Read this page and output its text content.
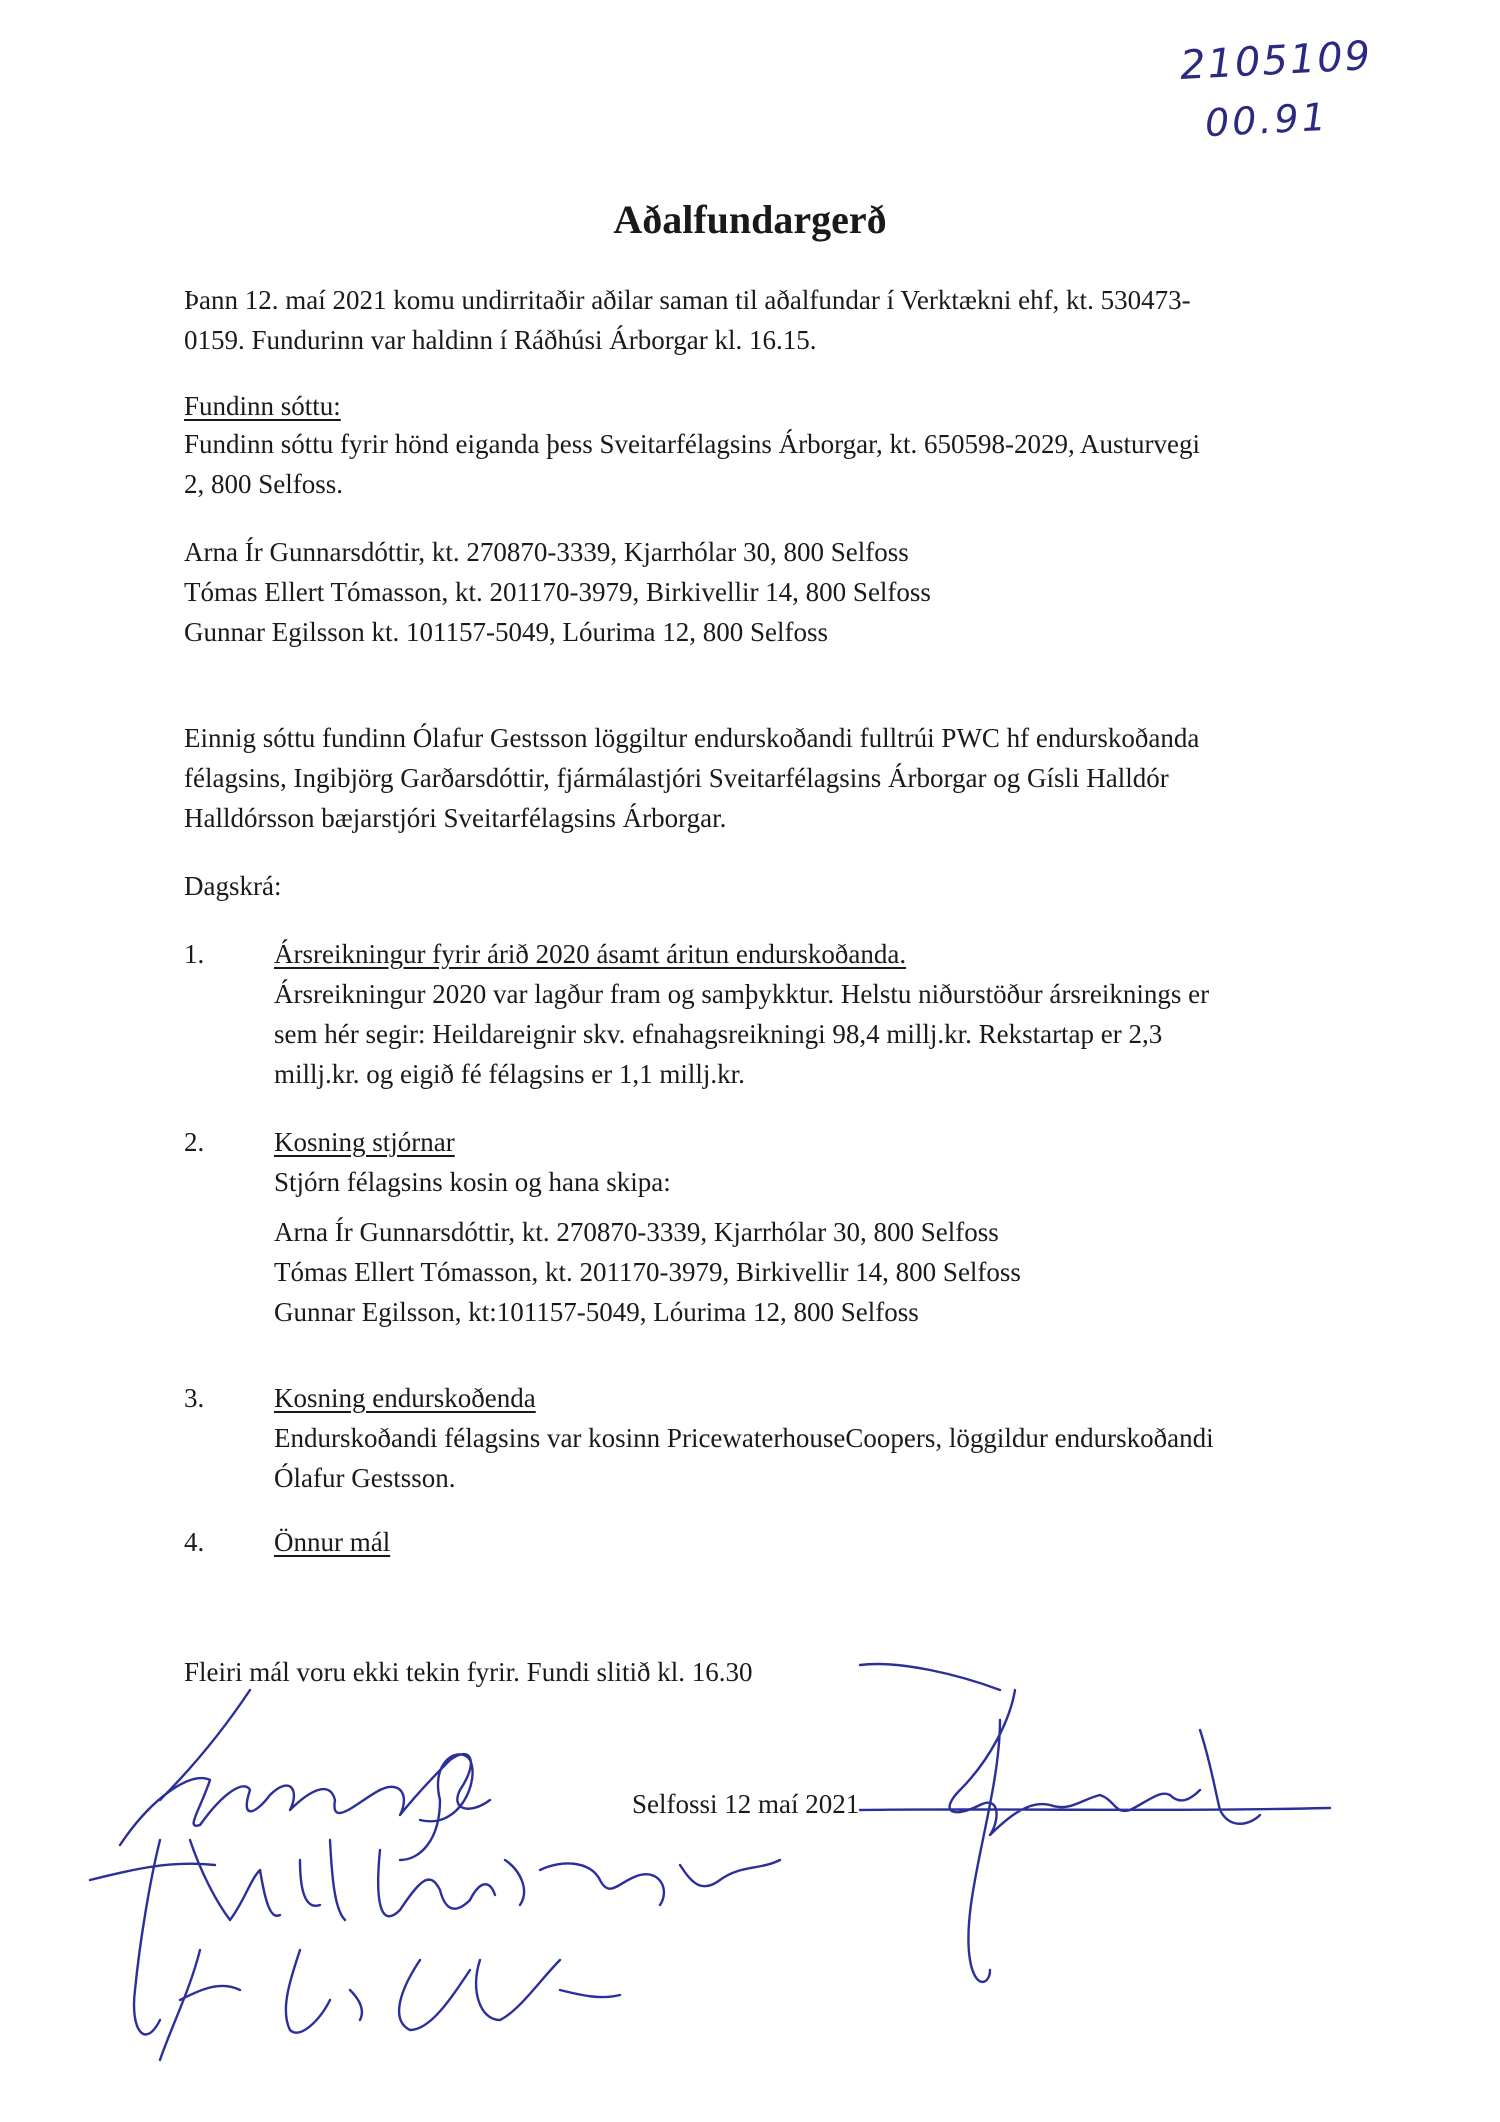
2105109
00.91
Aðalfundargerð
Þann 12. maí 2021 komu undirritaðir aðilar saman til aðalfundar í Verktækni ehf, kt. 530473-
0159. Fundurinn var haldinn í Ráðhúsi Árborgar kl. 16.15.
Fundinn sóttu:
Fundinn sóttu fyrir hönd eiganda þess Sveitarfélagsins Árborgar, kt. 650598-2029, Austurvegi
2, 800 Selfoss.
Arna Ír Gunnarsdóttir, kt. 270870-3339, Kjarrhólar 30, 800 Selfoss
Tómas Ellert Tómasson, kt. 201170-3979, Birkivellir 14, 800 Selfoss
Gunnar Egilsson kt. 101157-5049, Lóurima 12, 800 Selfoss
Einnig sóttu fundinn Ólafur Gestsson löggiltur endurskoðandi fulltrúi PWC hf endurskoðanda
félagsins, Ingibjörg Garðarsdóttir, fjármálastjóri Sveitarfélagsins Árborgar og Gísli Halldór
Halldórsson bæjarstjóri Sveitarfélagsins Árborgar.
Dagskrá:
1.	Ársreikningur fyrir árið 2020 ásamt áritun endurskoðanda.
Ársreikningur 2020 var lagður fram og samþykktur. Helstu niðurstöður ársreiknings er
sem hér segir: Heildareignir skv. efnahagsreikningi 98,4 millj.kr. Rekstartap er 2,3
millj.kr. og eigið fé félagsins er 1,1 millj.kr.
2.	Kosning stjórnar
Stjórn félagsins kosin og hana skipa:
Arna Ír Gunnarsdóttir, kt. 270870-3339, Kjarrhólar 30, 800 Selfoss
Tómas Ellert Tómasson, kt. 201170-3979, Birkivellir 14, 800 Selfoss
Gunnar Egilsson, kt:101157-5049, Lóurima 12, 800 Selfoss
3.	Kosning endurskoðenda
Endurskoðandi félagsins var kosinn PricewaterhouseCoopers, löggildur endurskoðandi
Ólafur Gestsson.
4.	Önnur mál
Fleiri mál voru ekki tekin fyrir. Fundi slitið kl. 16.30
Selfossi 12 maí 2021
